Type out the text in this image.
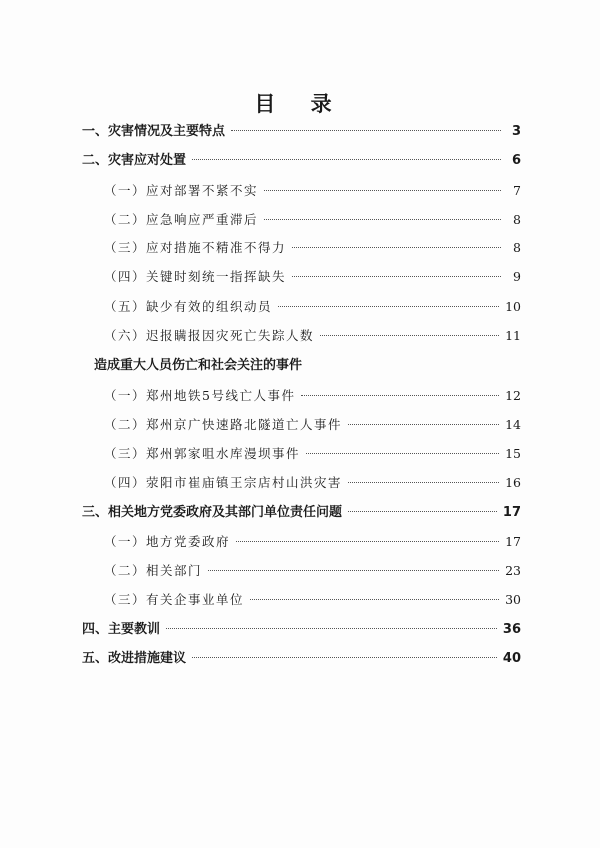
目 录
一、灾害情况及主要特点	3
二、灾害应对处置	6
（一）应对部署不紧不实	7
（二）应急响应严重滞后	8
（三）应对措施不精准不得力	8
（四）关键时刻统一指挥缺失	9
（五）缺少有效的组织动员	10
（六）迟报瞒报因灾死亡失踪人数	11
造成重大人员伤亡和社会关注的事件
（一）郑州地铁5号线亡人事件	12
（二）郑州京广快速路北隧道亡人事件	14
（三）郑州郭家咀水库漫坝事件	15
（四）荥阳市崔庙镇王宗店村山洪灾害	16
三、相关地方党委政府及其部门单位责任问题	17
（一）地方党委政府	17
（二）相关部门	23
（三）有关企事业单位	30
四、主要教训	36
五、改进措施建议	40
